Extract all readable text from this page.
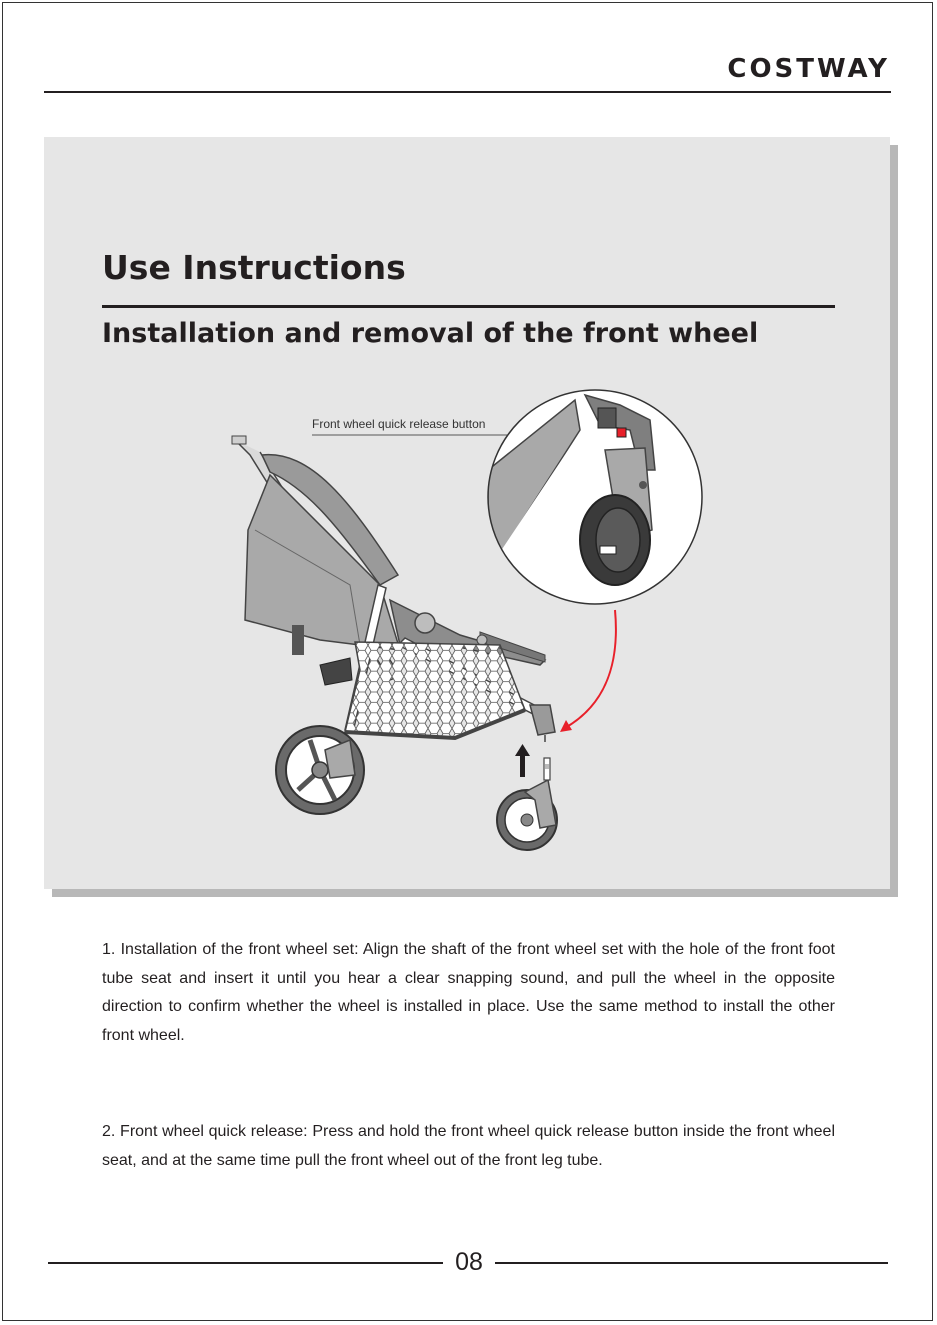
COSTWAY
Use Instructions
Installation and removal of the front wheel
Front wheel quick release button

1. Installation of the front wheel set: Align the shaft of the front wheel set with the hole of the front foot tube seat and insert it until you hear a clear snapping sound, and pull the wheel in the opposite direction to confirm whether the wheel is installed in place. Use the same method to install the other front wheel.

2. Front wheel quick release: Press and hold the front wheel quick release button inside the front wheel seat, and at the same time pull the front wheel out of the front leg tube.

08
